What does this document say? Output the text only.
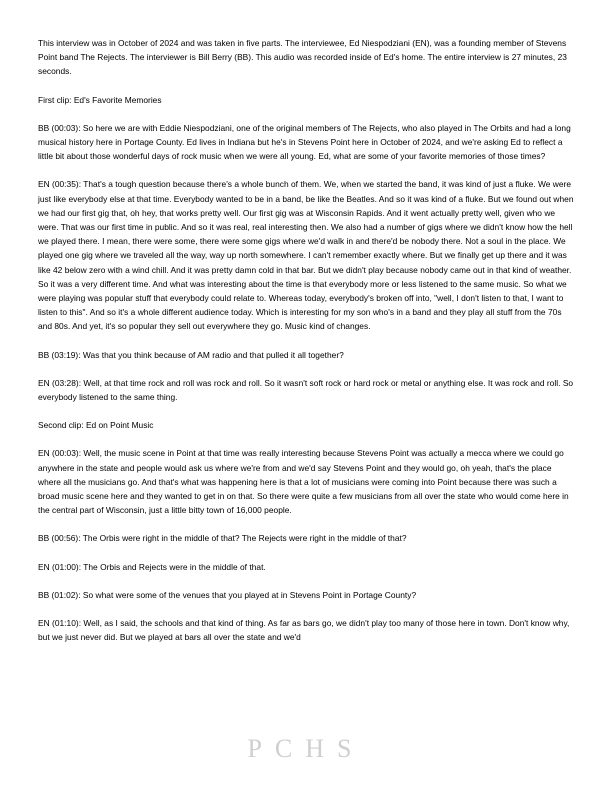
This interview was in October of 2024 and was taken in five parts. The interviewee, Ed Niespodziani (EN), was a founding member of Stevens Point band The Rejects. The interviewer is Bill Berry (BB). This audio was recorded inside of Ed's home. The entire interview is 27 minutes, 23 seconds.

First clip: Ed's Favorite Memories

BB (00:03): So here we are with Eddie Niespodziani, one of the original members of The Rejects, who also played in The Orbits and had a long musical history here in Portage County. Ed lives in Indiana but he's in Stevens Point here in October of 2024, and we're asking Ed to reflect a little bit about those wonderful days of rock music when we were all young. Ed, what are some of your favorite memories of those times?

EN (00:35): That's a tough question because there's a whole bunch of them. We, when we started the band, it was kind of just a fluke. We were just like everybody else at that time. Everybody wanted to be in a band, be like the Beatles. And so it was kind of a fluke. But we found out when we had our first gig that, oh hey, that works pretty well. Our first gig was at Wisconsin Rapids. And it went actually pretty well, given who we were. That was our first time in public. And so it was real, real interesting then. We also had a number of gigs where we didn't know how the hell we played there. I mean, there were some, there were some gigs where we'd walk in and there'd be nobody there. Not a soul in the place. We played one gig where we traveled all the way, way up north somewhere. I can't remember exactly where. But we finally get up there and it was like 42 below zero with a wind chill. And it was pretty damn cold in that bar. But we didn't play because nobody came out in that kind of weather. So it was a very different time. And what was interesting about the time is that everybody more or less listened to the same music. So what we were playing was popular stuff that everybody could relate to. Whereas today, everybody's broken off into, "well, I don't listen to that, I want to listen to this". And so it's a whole different audience today. Which is interesting for my son who's in a band and they play all stuff from the 70s and 80s. And yet, it's so popular they sell out everywhere they go. Music kind of changes.

BB (03:19): Was that you think because of AM radio and that pulled it all together?

EN (03:28): Well, at that time rock and roll was rock and roll. So it wasn't soft rock or hard rock or metal or anything else. It was rock and roll. So everybody listened to the same thing.

Second clip: Ed on Point Music

EN (00:03): Well, the music scene in Point at that time was really interesting because Stevens Point was actually a mecca where we could go anywhere in the state and people would ask us where we're from and we'd say Stevens Point and they would go, oh yeah, that's the place where all the musicians go. And that's what was happening here is that a lot of musicians were coming into Point because there was such a broad music scene here and they wanted to get in on that. So there were quite a few musicians from all over the state who would come here in the central part of Wisconsin, just a little bitty town of 16,000 people.

BB (00:56): The Orbis were right in the middle of that? The Rejects were right in the middle of that?

EN (01:00): The Orbis and Rejects were in the middle of that.

BB (01:02): So what were some of the venues that you played at in Stevens Point in Portage County?

EN (01:10): Well, as I said, the schools and that kind of thing. As far as bars go, we didn't play too many of those here in town. Don't know why, but we just never did. But we played at bars all over the state and we'd

PCHS
